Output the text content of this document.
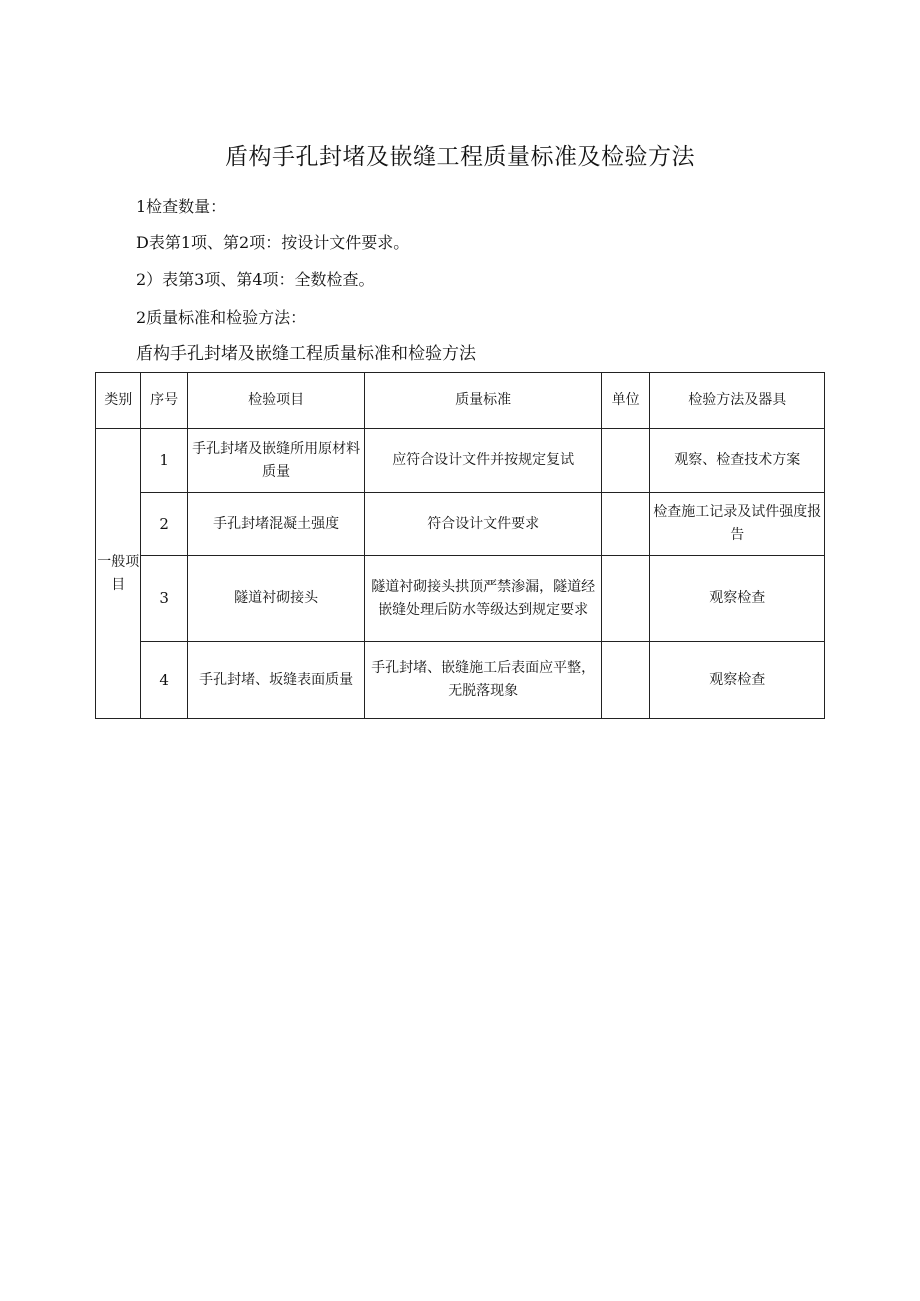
盾构手孔封堵及嵌缝工程质量标准及检验方法

1检查数量：

D表第1项、第2项：按设计文件要求。

2）表第3项、第4项：全数检查。

2质量标准和检验方法：

盾构手孔封堵及嵌缝工程质量标准和检验方法

类别	序号	检验项目	质量标准	单位	检验方法及器具
一般项目	1	手孔封堵及嵌缝所用原材料质量	应符合设计文件并按规定复试		观察、检查技术方案
	2	手孔封堵混凝土强度	符合设计文件要求		检查施工记录及试件强度报告
	3	隧道衬砌接头	隧道衬砌接头拱顶严禁渗漏，隧道经嵌缝处理后防水等级达到规定要求		观察检查
	4	手孔封堵、坂缝表面质量	手孔封堵、嵌缝施工后表面应平整，无脱落现象		观察检查
